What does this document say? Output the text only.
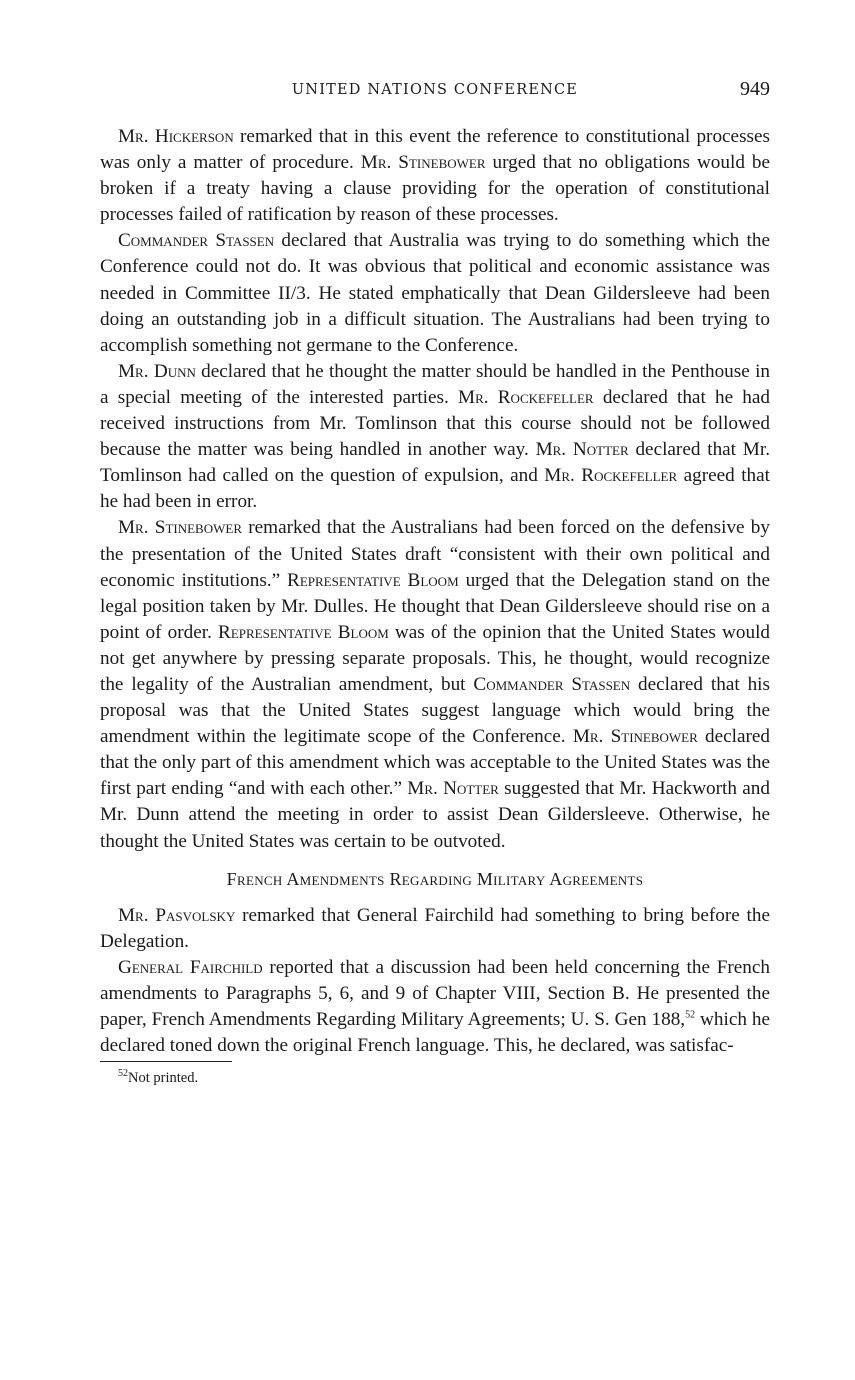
UNITED NATIONS CONFERENCE	949

Mr. Hickerson remarked that in this event the reference to constitutional processes was only a matter of procedure. Mr. Stinebower urged that no obligations would be broken if a treaty having a clause providing for the operation of constitutional processes failed of ratification by reason of these processes.

Commander Stassen declared that Australia was trying to do something which the Conference could not do. It was obvious that political and economic assistance was needed in Committee II/3. He stated emphatically that Dean Gildersleeve had been doing an outstanding job in a difficult situation. The Australians had been trying to accomplish something not germane to the Conference.

Mr. Dunn declared that he thought the matter should be handled in the Penthouse in a special meeting of the interested parties. Mr. Rockefeller declared that he had received instructions from Mr. Tomlinson that this course should not be followed because the matter was being handled in another way. Mr. Notter declared that Mr. Tomlinson had called on the question of expulsion, and Mr. Rockefeller agreed that he had been in error.

Mr. Stinebower remarked that the Australians had been forced on the defensive by the presentation of the United States draft “consistent with their own political and economic institutions.” Representative Bloom urged that the Delegation stand on the legal position taken by Mr. Dulles. He thought that Dean Gildersleeve should rise on a point of order. Representative Bloom was of the opinion that the United States would not get anywhere by pressing separate proposals. This, he thought, would recognize the legality of the Australian amendment, but Commander Stassen declared that his proposal was that the United States suggest language which would bring the amendment within the legitimate scope of the Conference. Mr. Stinebower declared that the only part of this amendment which was acceptable to the United States was the first part ending “and with each other.” Mr. Notter suggested that Mr. Hackworth and Mr. Dunn attend the meeting in order to assist Dean Gildersleeve. Otherwise, he thought the United States was certain to be outvoted.

French Amendments Regarding Military Agreements

Mr. Pasvolsky remarked that General Fairchild had something to bring before the Delegation.

General Fairchild reported that a discussion had been held concerning the French amendments to Paragraphs 5, 6, and 9 of Chapter VIII, Section B. He presented the paper, French Amendments Regarding Military Agreements; U. S. Gen 188,52 which he declared toned down the original French language. This, he declared, was satisfac-

$^{52}$Not printed.
